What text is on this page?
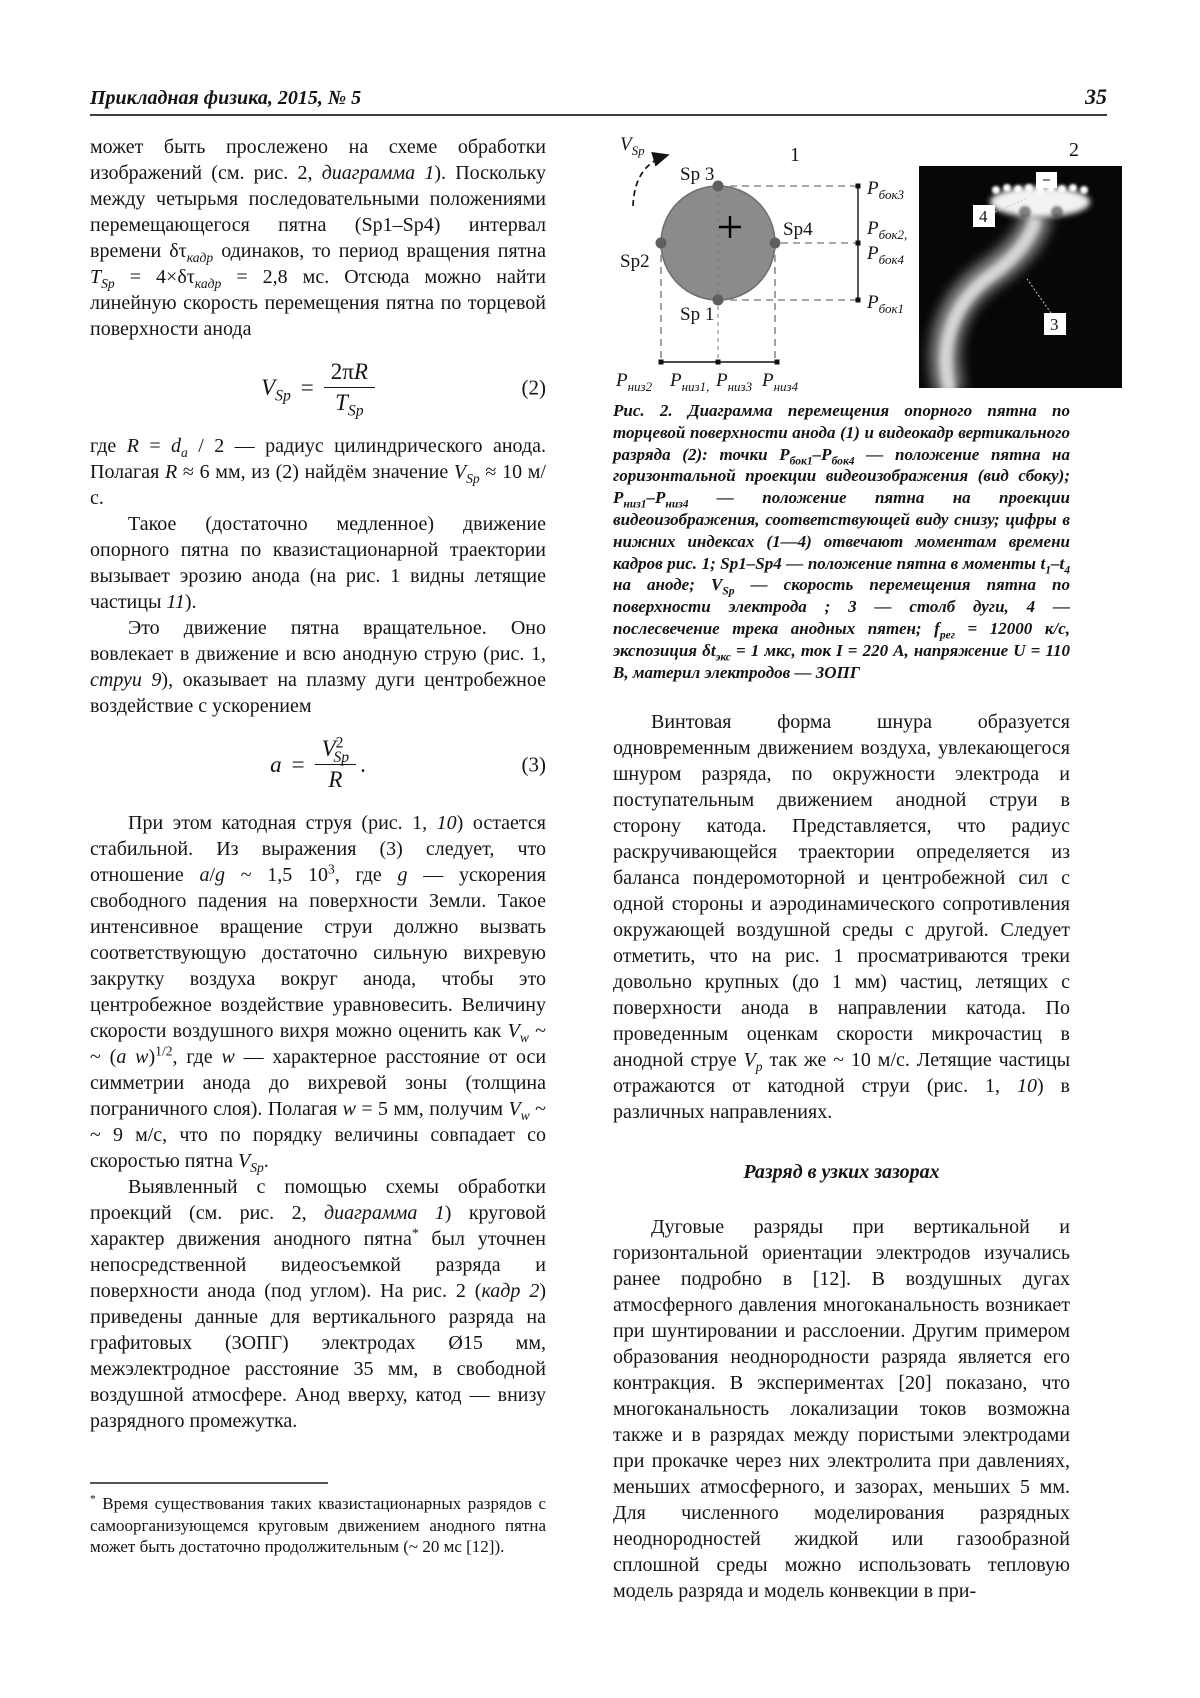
Прикладная физика, 2015, № 5	35

может быть прослежено на схеме обработки изображений (см. рис. 2, диаграмма 1). Поскольку между четырьмя последовательными положениями перемещающегося пятна (Sp1–Sp4) интервал времени $\delta\tau_{кадр}$ одинаков, то период вращения пятна $T_{Sp} = 4\times\delta\tau_{кадр} = 2,8$ мс. Отсюда можно найти линейную скорость перемещения пятна по торцевой поверхности анода

$V_{Sp} = \frac{2\pi R}{T_{Sp}}$	(2)

где $R = d_a / 2$ — радиус цилиндрического анода. Полагая R ≈ 6 мм, из (2) найдём значение $V_{Sp} \approx 10$ м/с.

Такое (достаточно медленное) движение опорного пятна по квазистационарной траектории вызывает эрозию анода (на рис. 1 видны летящие частицы 11).

Это движение пятна вращательное. Оно вовлекает в движение и всю анодную струю (рис. 1, струи 9), оказывает на плазму дуги центробежное воздействие с ускорением

$a = \frac{V^2_{Sp}}{R}$ .	(3)

При этом катодная струя (рис. 1, 10) остается стабильной. Из выражения (3) следует, что отношение a/g ~ 1,5 $10^3$, где g — ускорения свободного падения на поверхности Земли. Такое интенсивное вращение струи должно вызвать соответствующую достаточно сильную вихревую закрутку воздуха вокруг анода, чтобы это центробежное воздействие уравновесить. Величину скорости воздушного вихря можно оценить как $V_w$ ~ ~ (a w)$^{1/2}$, где w — характерное расстояние от оси симметрии анода до вихревой зоны (толщина пограничного слоя). Полагая w = 5 мм, получим $V_w$ ~ ~ 9 м/с, что по порядку величины совпадает со скоростью пятна $V_{Sp}$.

Выявленный с помощью схемы обработки проекций (см. рис. 2, диаграмма 1) круговой характер движения анодного пятна* был уточнен непосредственной видеосъемкой разряда и поверхности анода (под углом). На рис. 2 (кадр 2) приведены данные для вертикального разряда на графитовых (3ОПГ) электродах Ø15 мм, межэлектродное расстояние 35 мм, в свободной воздушной атмосфере. Анод вверху, катод — внизу разрядного промежутка.

* Время существования таких квазистационарных разрядов с самоорганизующемся круговым движением анодного пятна может быть достаточно продолжительным (~ 20 мс [12]).

$V_{Sp}$	1
Sp 3
Sp2
Sp4
Sp 1
$P_{бок3}$
$P_{бок2,}$
$P_{бок4}$
$P_{бок1}$
$P_{низ2}$ $P_{низ1,}$ $P_{низ3}$ $P_{низ4}$
2
−
4
3

Рис. 2. Диаграмма перемещения опорного пятна по торцевой поверхности анода (1) и видеокадр вертикального разряда (2): точки $P_{бок1}-P_{бок4}$ — положение пятна на горизонтальной проекции видеоизображения (вид сбоку); $P_{низ1}-P_{низ4}$ — положение пятна на проекции видеоизображения, соответствующей виду снизу; цифры в нижних индексах (1—4) отвечают моментам времени кадров рис. 1; Sp1–Sp4 — положение пятна в моменты $t_1-t_4$ на аноде; $V_{Sp}$ — скорость перемещения пятна по поверхности электрода ; 3 — столб дуги, 4 — послесвечение трека анодных пятен; $f_{рег} = 12000$ к/с, экспозиция $\delta t_{экс} = 1$ мкс, ток I = 220 А, напряжение U = 110 В, материл электродов — 3ОПГ

Винтовая форма шнура образуется одновременным движением воздуха, увлекающегося шнуром разряда, по окружности электрода и поступательным движением анодной струи в сторону катода. Представляется, что радиус раскручивающейся траектории определяется из баланса пондеромоторной и центробежной сил с одной стороны и аэродинамического сопротивления окружающей воздушной среды с другой. Следует отметить, что на рис. 1 просматриваются треки довольно крупных (до 1 мм) частиц, летящих с поверхности анода в направлении катода. По проведенным оценкам скорости микрочастиц в анодной струе $V_p$ так же ~ 10 м/с. Летящие частицы отражаются от катодной струи (рис. 1, 10) в различных направлениях.

Разряд в узких зазорах

Дуговые разряды при вертикальной и горизонтальной ориентации электродов изучались ранее подробно в [12]. В воздушных дугах атмосферного давления многоканальность возникает при шунтировании и расслоении. Другим примером образования неоднородности разряда является его контракция. В экспериментах [20] показано, что многоканальность локализации токов возможна также и в разрядах между пористыми электродами при прокачке через них электролита при давлениях, меньших атмосферного, и зазорах, меньших 5 мм. Для численного моделирования разрядных неоднородностей жидкой или газообразной сплошной среды можно использовать тепловую модель разряда и модель конвекции в при-
